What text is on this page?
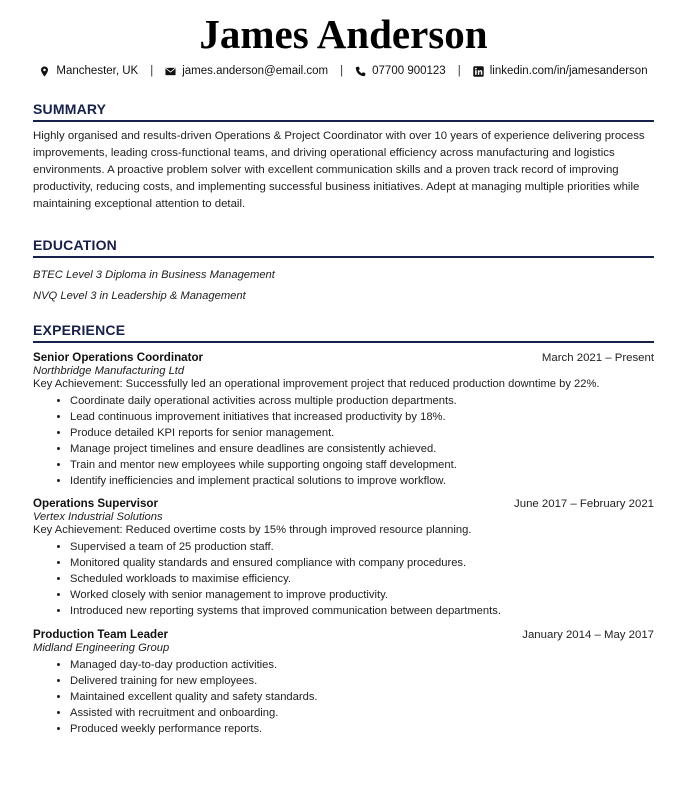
James Anderson
Manchester, UK |	james.anderson@email.com |	07700 900123 |	linkedin.com/in/jamesanderson
SUMMARY

Highly organised and results-driven Operations & Project Coordinator with over 10 years of experience delivering process improvements, leading cross-functional teams, and driving operational efficiency across manufacturing and logistics environments. A proactive problem solver with excellent communication skills and a proven track record of improving productivity, reducing costs, and implementing successful business initiatives. Adept at managing multiple priorities while maintaining exceptional attention to detail.

EDUCATION

BTEC Level 3 Diploma in Business Management

NVQ Level 3 in Leadership & Management

EXPERIENCE
Senior Operations Coordinator	March 2021 – Present
Northbridge Manufacturing Ltd
Key Achievement: Successfully led an operational improvement project that reduced production downtime by 22%.
• Coordinate daily operational activities across multiple production departments.
• Lead continuous improvement initiatives that increased productivity by 18%.
• Produce detailed KPI reports for senior management.
• Manage project timelines and ensure deadlines are consistently achieved.
• Train and mentor new employees while supporting ongoing staff development.
• Identify inefficiencies and implement practical solutions to improve workflow.
Operations Supervisor	June 2017 – February 2021
Vertex Industrial Solutions
Key Achievement: Reduced overtime costs by 15% through improved resource planning.
• Supervised a team of 25 production staff.
• Monitored quality standards and ensured compliance with company procedures.
• Scheduled workloads to maximise efficiency.
• Worked closely with senior management to improve productivity.
• Introduced new reporting systems that improved communication between departments.
Production Team Leader	January 2014 – May 2017
Midland Engineering Group
• Managed day-to-day production activities.
• Delivered training for new employees.
• Maintained excellent quality and safety standards.
• Assisted with recruitment and onboarding.
• Produced weekly performance reports.
